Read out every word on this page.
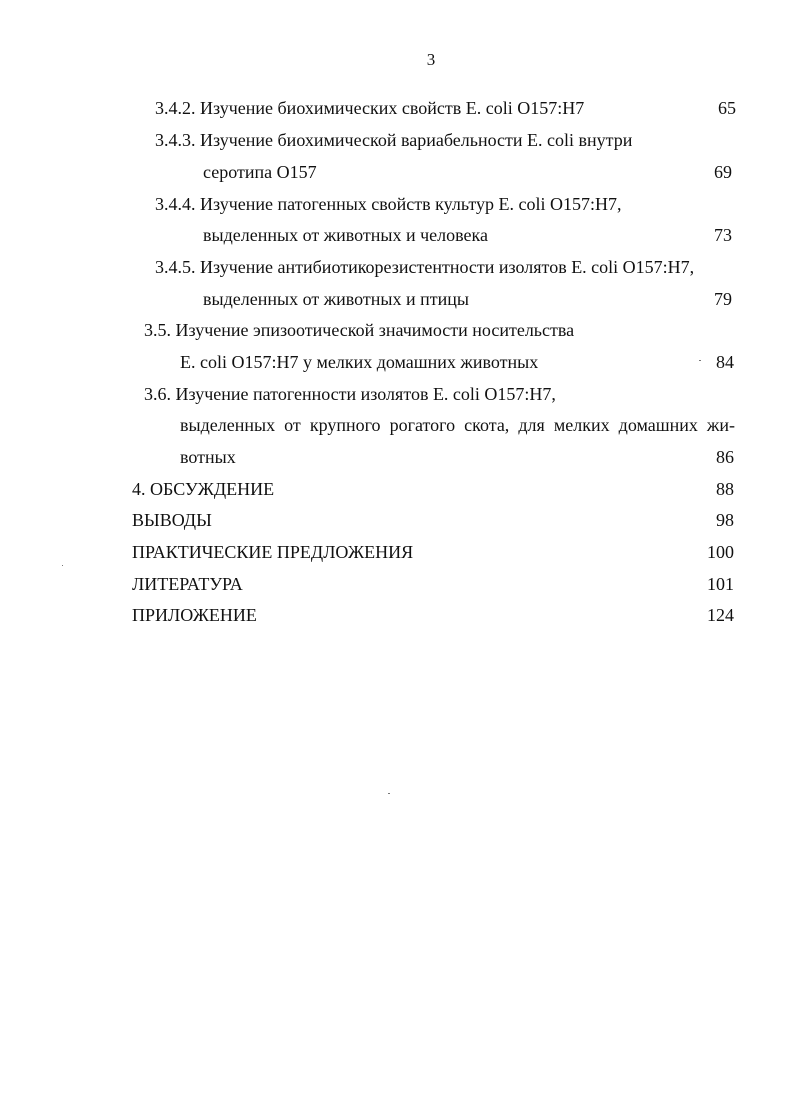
3
3.4.2. Изучение биохимических свойств E. coli O157:H7	65
3.4.3. Изучение биохимической вариабельности E. coli внутри
серотипа O157	69
3.4.4. Изучение патогенных свойств культур E. coli O157:H7,
выделенных от животных и человека	73
3.4.5. Изучение антибиотикорезистентности изолятов E. coli O157:H7,
выделенных от животных и птицы	79
3.5. Изучение эпизоотической значимости носительства
E. coli O157:H7 у мелких домашних животных	84
3.6. Изучение патогенности изолятов E. coli O157:H7,
выделенных от крупного рогатого скота, для мелких домашних жи-
вотных	86
4. ОБСУЖДЕНИЕ	88
ВЫВОДЫ	98
ПРАКТИЧЕСКИЕ ПРЕДЛОЖЕНИЯ	100
ЛИТЕРАТУРА	101
ПРИЛОЖЕНИЕ	124
